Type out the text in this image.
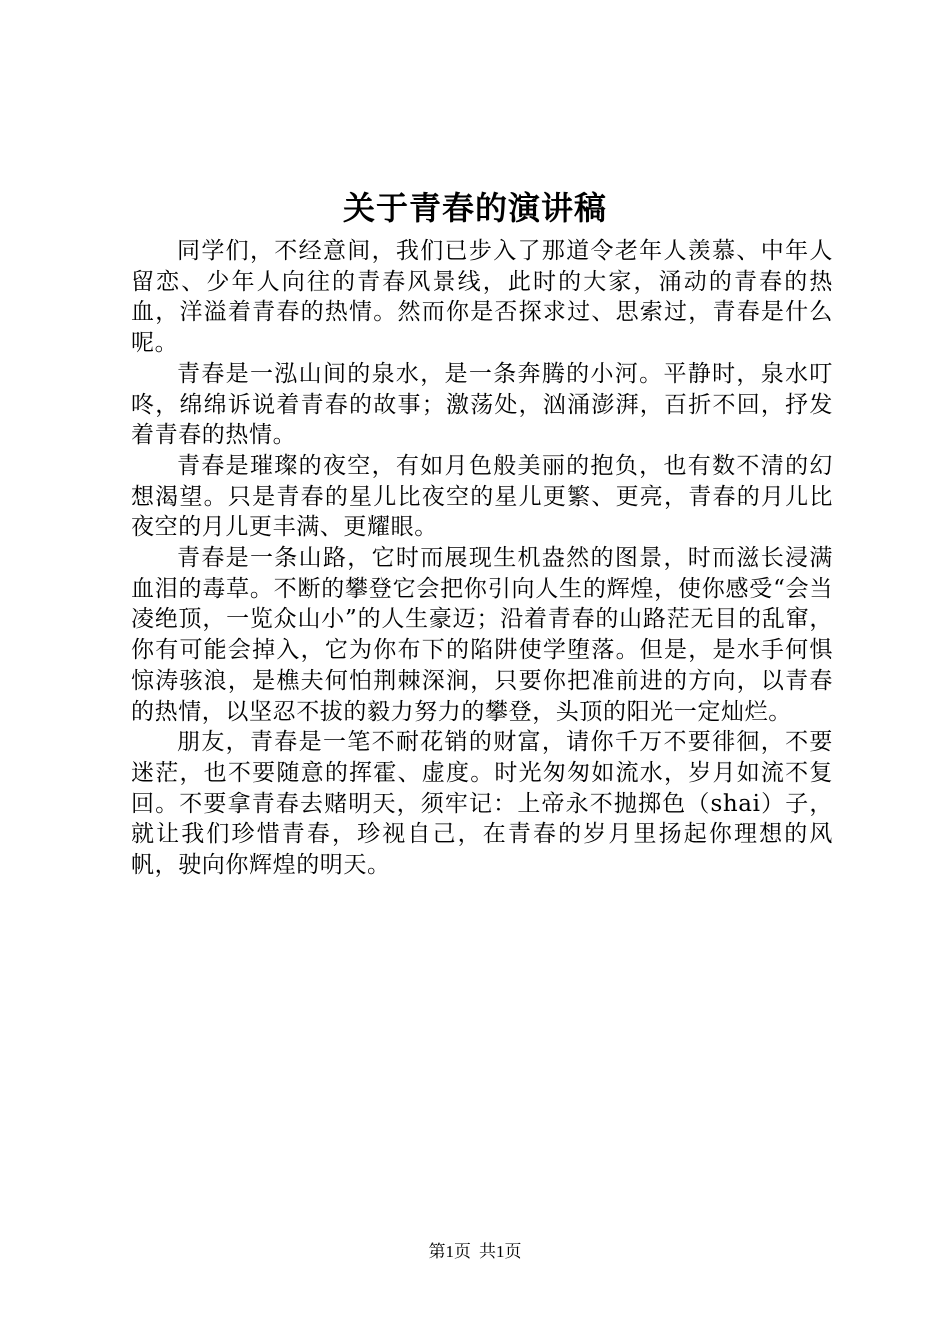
关于青春的演讲稿

同学们，不经意间，我们已步入了那道令老年人羡慕、中年人留恋、少年人向往的青春风景线，此时的大家，涌动的青春的热血，洋溢着青春的热情。然而你是否探求过、思索过，青春是什么呢。

青春是一泓山间的泉水，是一条奔腾的小河。平静时，泉水叮咚，绵绵诉说着青春的故事；激荡处，汹涌澎湃，百折不回，抒发着青春的热情。

青春是璀璨的夜空，有如月色般美丽的抱负，也有数不清的幻想渴望。只是青春的星儿比夜空的星儿更繁、更亮，青春的月儿比夜空的月儿更丰满、更耀眼。

青春是一条山路，它时而展现生机盎然的图景，时而滋长浸满血泪的毒草。不断的攀登它会把你引向人生的辉煌，使你感受“会当凌绝顶，一览众山小”的人生豪迈；沿着青春的山路茫无目的乱窜，你有可能会掉入，它为你布下的陷阱使学堕落。但是，是水手何惧惊涛骇浪，是樵夫何怕荆棘深涧，只要你把准前进的方向，以青春的热情，以坚忍不拔的毅力努力的攀登，头顶的阳光一定灿烂。

朋友，青春是一笔不耐花销的财富，请你千万不要徘徊，不要迷茫，也不要随意的挥霍、虚度。时光匆匆如流水，岁月如流不复回。不要拿青春去赌明天，须牢记：上帝永不抛掷色（shai）子，就让我们珍惜青春，珍视自己，在青春的岁月里扬起你理想的风帆，驶向你辉煌的明天。

第1页 共1页
